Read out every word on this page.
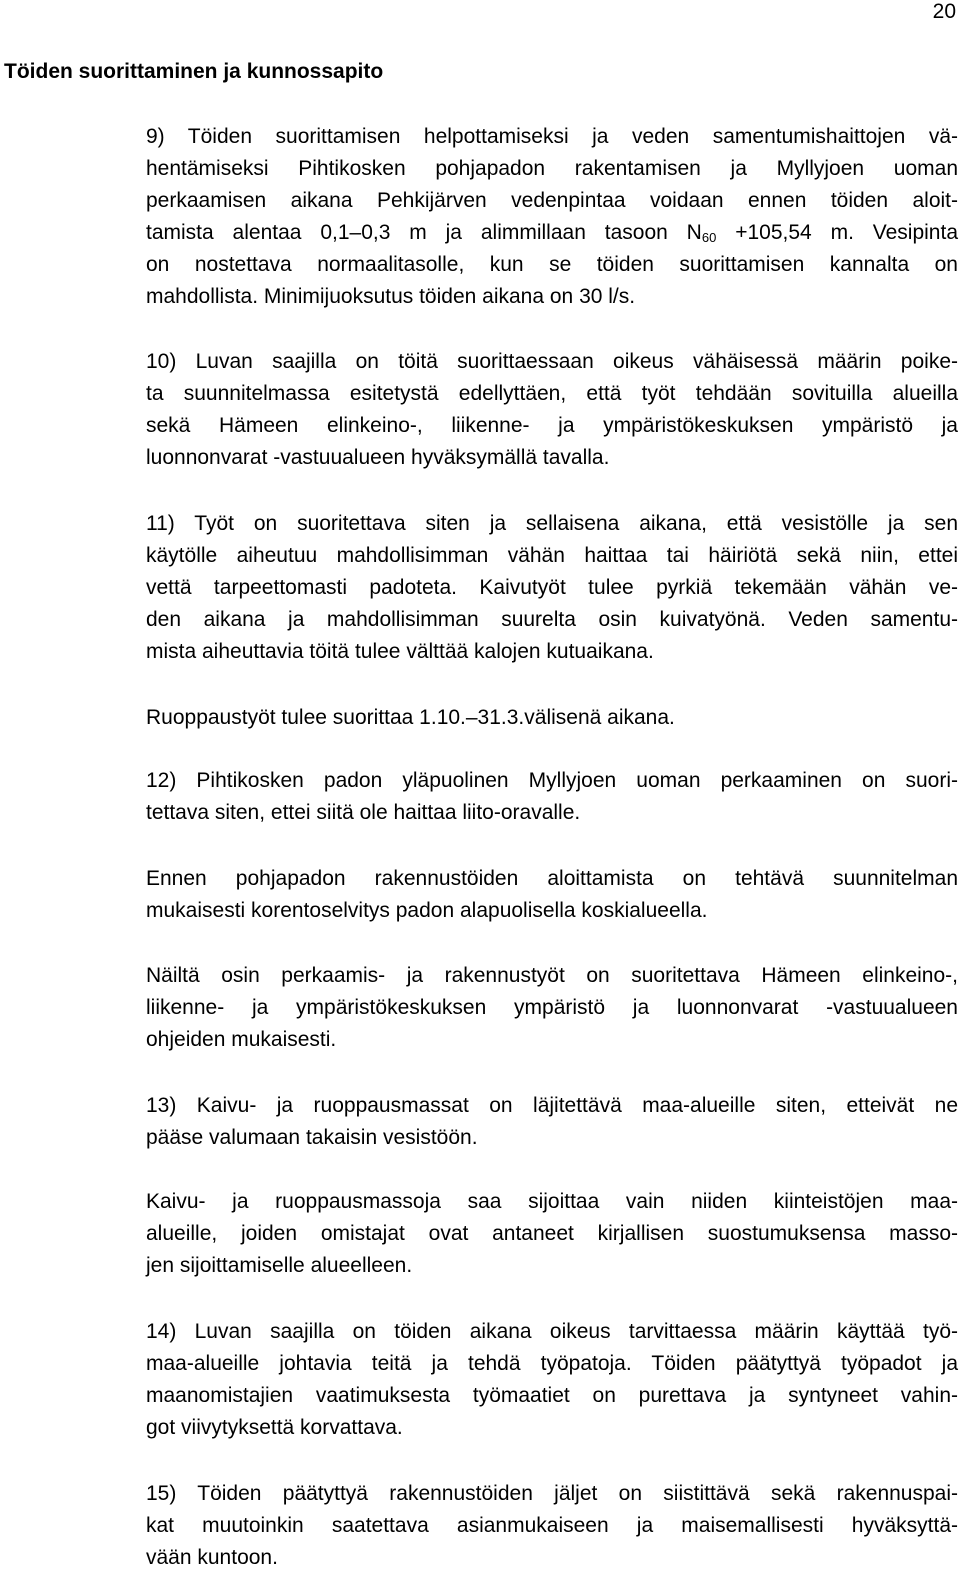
20
Töiden suorittaminen ja kunnossapito

9) Töiden suorittamisen helpottamiseksi ja veden samentumishaittojen vä-
hentämiseksi Pihtikosken pohjapadon rakentamisen ja Myllyjoen uoman
perkaamisen aikana Pehkijärven vedenpintaa voidaan ennen töiden aloit-
tamista alentaa 0,1–0,3 m ja alimmillaan tasoon $N_{60} +105,54$ m. Vesipinta
on nostettava normaalitasolle, kun se töiden suorittamisen kannalta on
mahdollista. Minimijuoksutus töiden aikana on 30 l/s.

10) Luvan saajilla on töitä suorittaessaan oikeus vähäisessä määrin poike-
ta suunnitelmassa esitetystä edellyttäen, että työt tehdään sovituilla alueilla
sekä Hämeen elinkeino-, liikenne- ja ympäristökeskuksen ympäristö ja
luonnonvarat -vastuualueen hyväksymällä tavalla.

11) Työt on suoritettava siten ja sellaisena aikana, että vesistölle ja sen
käytölle aiheutuu mahdollisimman vähän haittaa tai häiriötä sekä niin, ettei
vettä tarpeettomasti padoteta. Kaivutyöt tulee pyrkiä tekemään vähän ve-
den aikana ja mahdollisimman suurelta osin kuivatyönä. Veden samentu-
mista aiheuttavia töitä tulee välttää kalojen kutuaikana.

Ruoppaustyöt tulee suorittaa 1.10.–31.3.välisenä aikana.

12) Pihtikosken padon yläpuolinen Myllyjoen uoman perkaaminen on suori-
tettava siten, ettei siitä ole haittaa liito-oravalle.

Ennen pohjapadon rakennustöiden aloittamista on tehtävä suunnitelman
mukaisesti korentoselvitys padon alapuolisella koskialueella.

Näiltä osin perkaamis- ja rakennustyöt on suoritettava Hämeen elinkeino-,
liikenne- ja ympäristökeskuksen ympäristö ja luonnonvarat -vastuualueen
ohjeiden mukaisesti.

13) Kaivu- ja ruoppausmassat on läjitettävä maa-alueille siten, etteivät ne
pääse valumaan takaisin vesistöön.

Kaivu- ja ruoppausmassoja saa sijoittaa vain niiden kiinteistöjen maa-
alueille, joiden omistajat ovat antaneet kirjallisen suostumuksensa masso-
jen sijoittamiselle alueelleen.

14) Luvan saajilla on töiden aikana oikeus tarvittaessa määrin käyttää työ-
maa-alueille johtavia teitä ja tehdä työpatoja. Töiden päätyttyä työpadot ja
maanomistajien vaatimuksesta työmaatiet on purettava ja syntyneet vahin-
got viivytyksettä korvattava.

15) Töiden päätyttyä rakennustöiden jäljet on siistittävä sekä rakennuspai-
kat muutoinkin saatettava asianmukaiseen ja maisemallisesti hyväksyttä-
vään kuntoon.
